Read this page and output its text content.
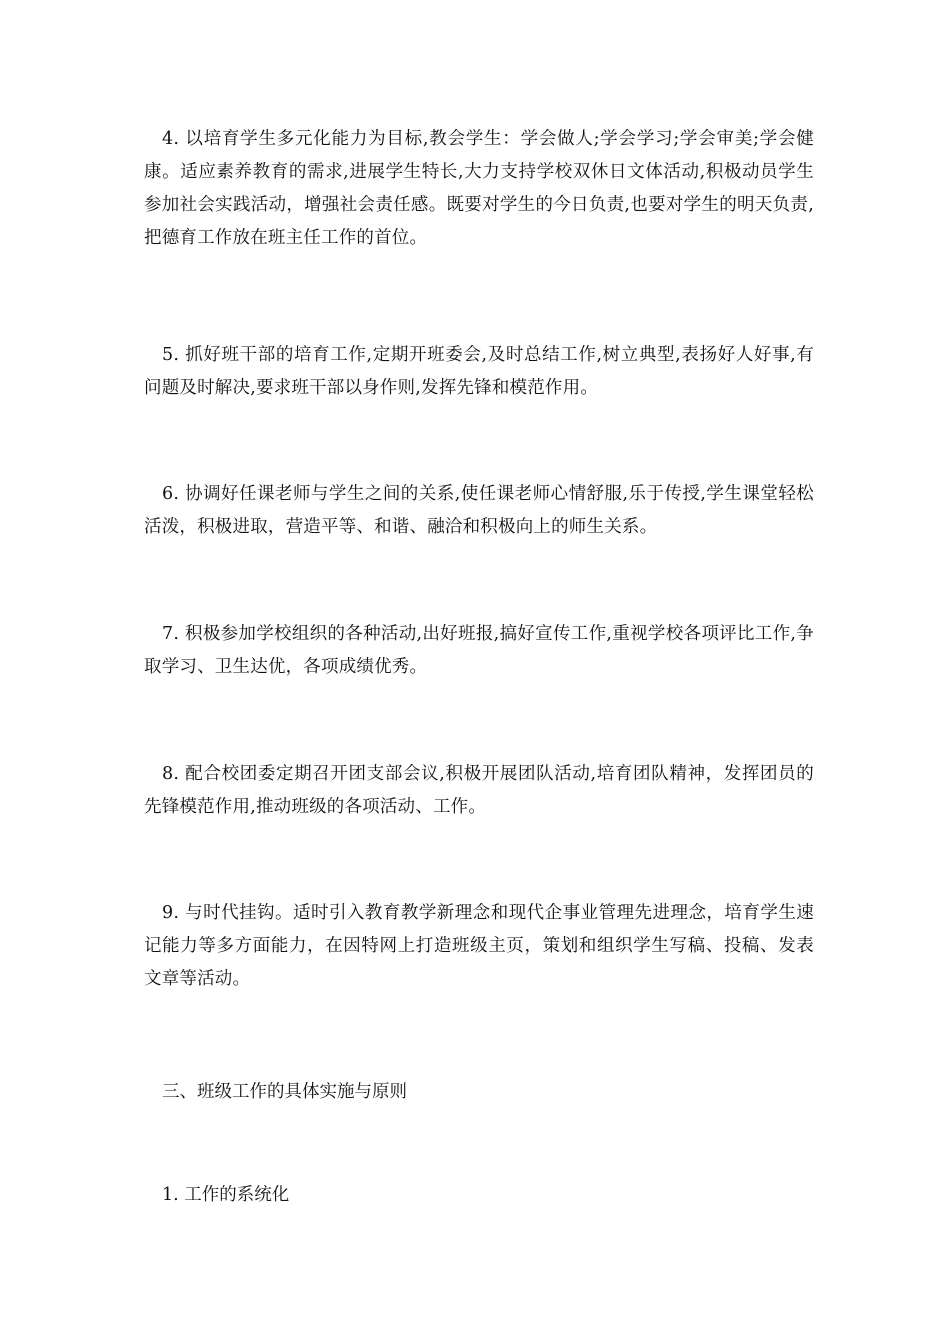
4. 以培育学生多元化能力为目标,教会学生：学会做人;学会学习;学会审美;学会健康。适应素养教育的需求,进展学生特长,大力支持学校双休日文体活动,积极动员学生参加社会实践活动，增强社会责任感。既要对学生的今日负责,也要对学生的明天负责,把德育工作放在班主任工作的首位。

5. 抓好班干部的培育工作,定期开班委会,及时总结工作,树立典型,表扬好人好事,有问题及时解决,要求班干部以身作则,发挥先锋和模范作用。

6. 协调好任课老师与学生之间的关系,使任课老师心情舒服,乐于传授,学生课堂轻松活泼，积极进取，营造平等、和谐、融洽和积极向上的师生关系。

7. 积极参加学校组织的各种活动,出好班报,搞好宣传工作,重视学校各项评比工作,争取学习、卫生达优，各项成绩优秀。

8. 配合校团委定期召开团支部会议,积极开展团队活动,培育团队精神，发挥团员的先锋模范作用,推动班级的各项活动、工作。

9. 与时代挂钩。适时引入教育教学新理念和现代企事业管理先进理念，培育学生速记能力等多方面能力，在因特网上打造班级主页，策划和组织学生写稿、投稿、发表文章等活动。

三、班级工作的具体实施与原则

1. 工作的系统化
